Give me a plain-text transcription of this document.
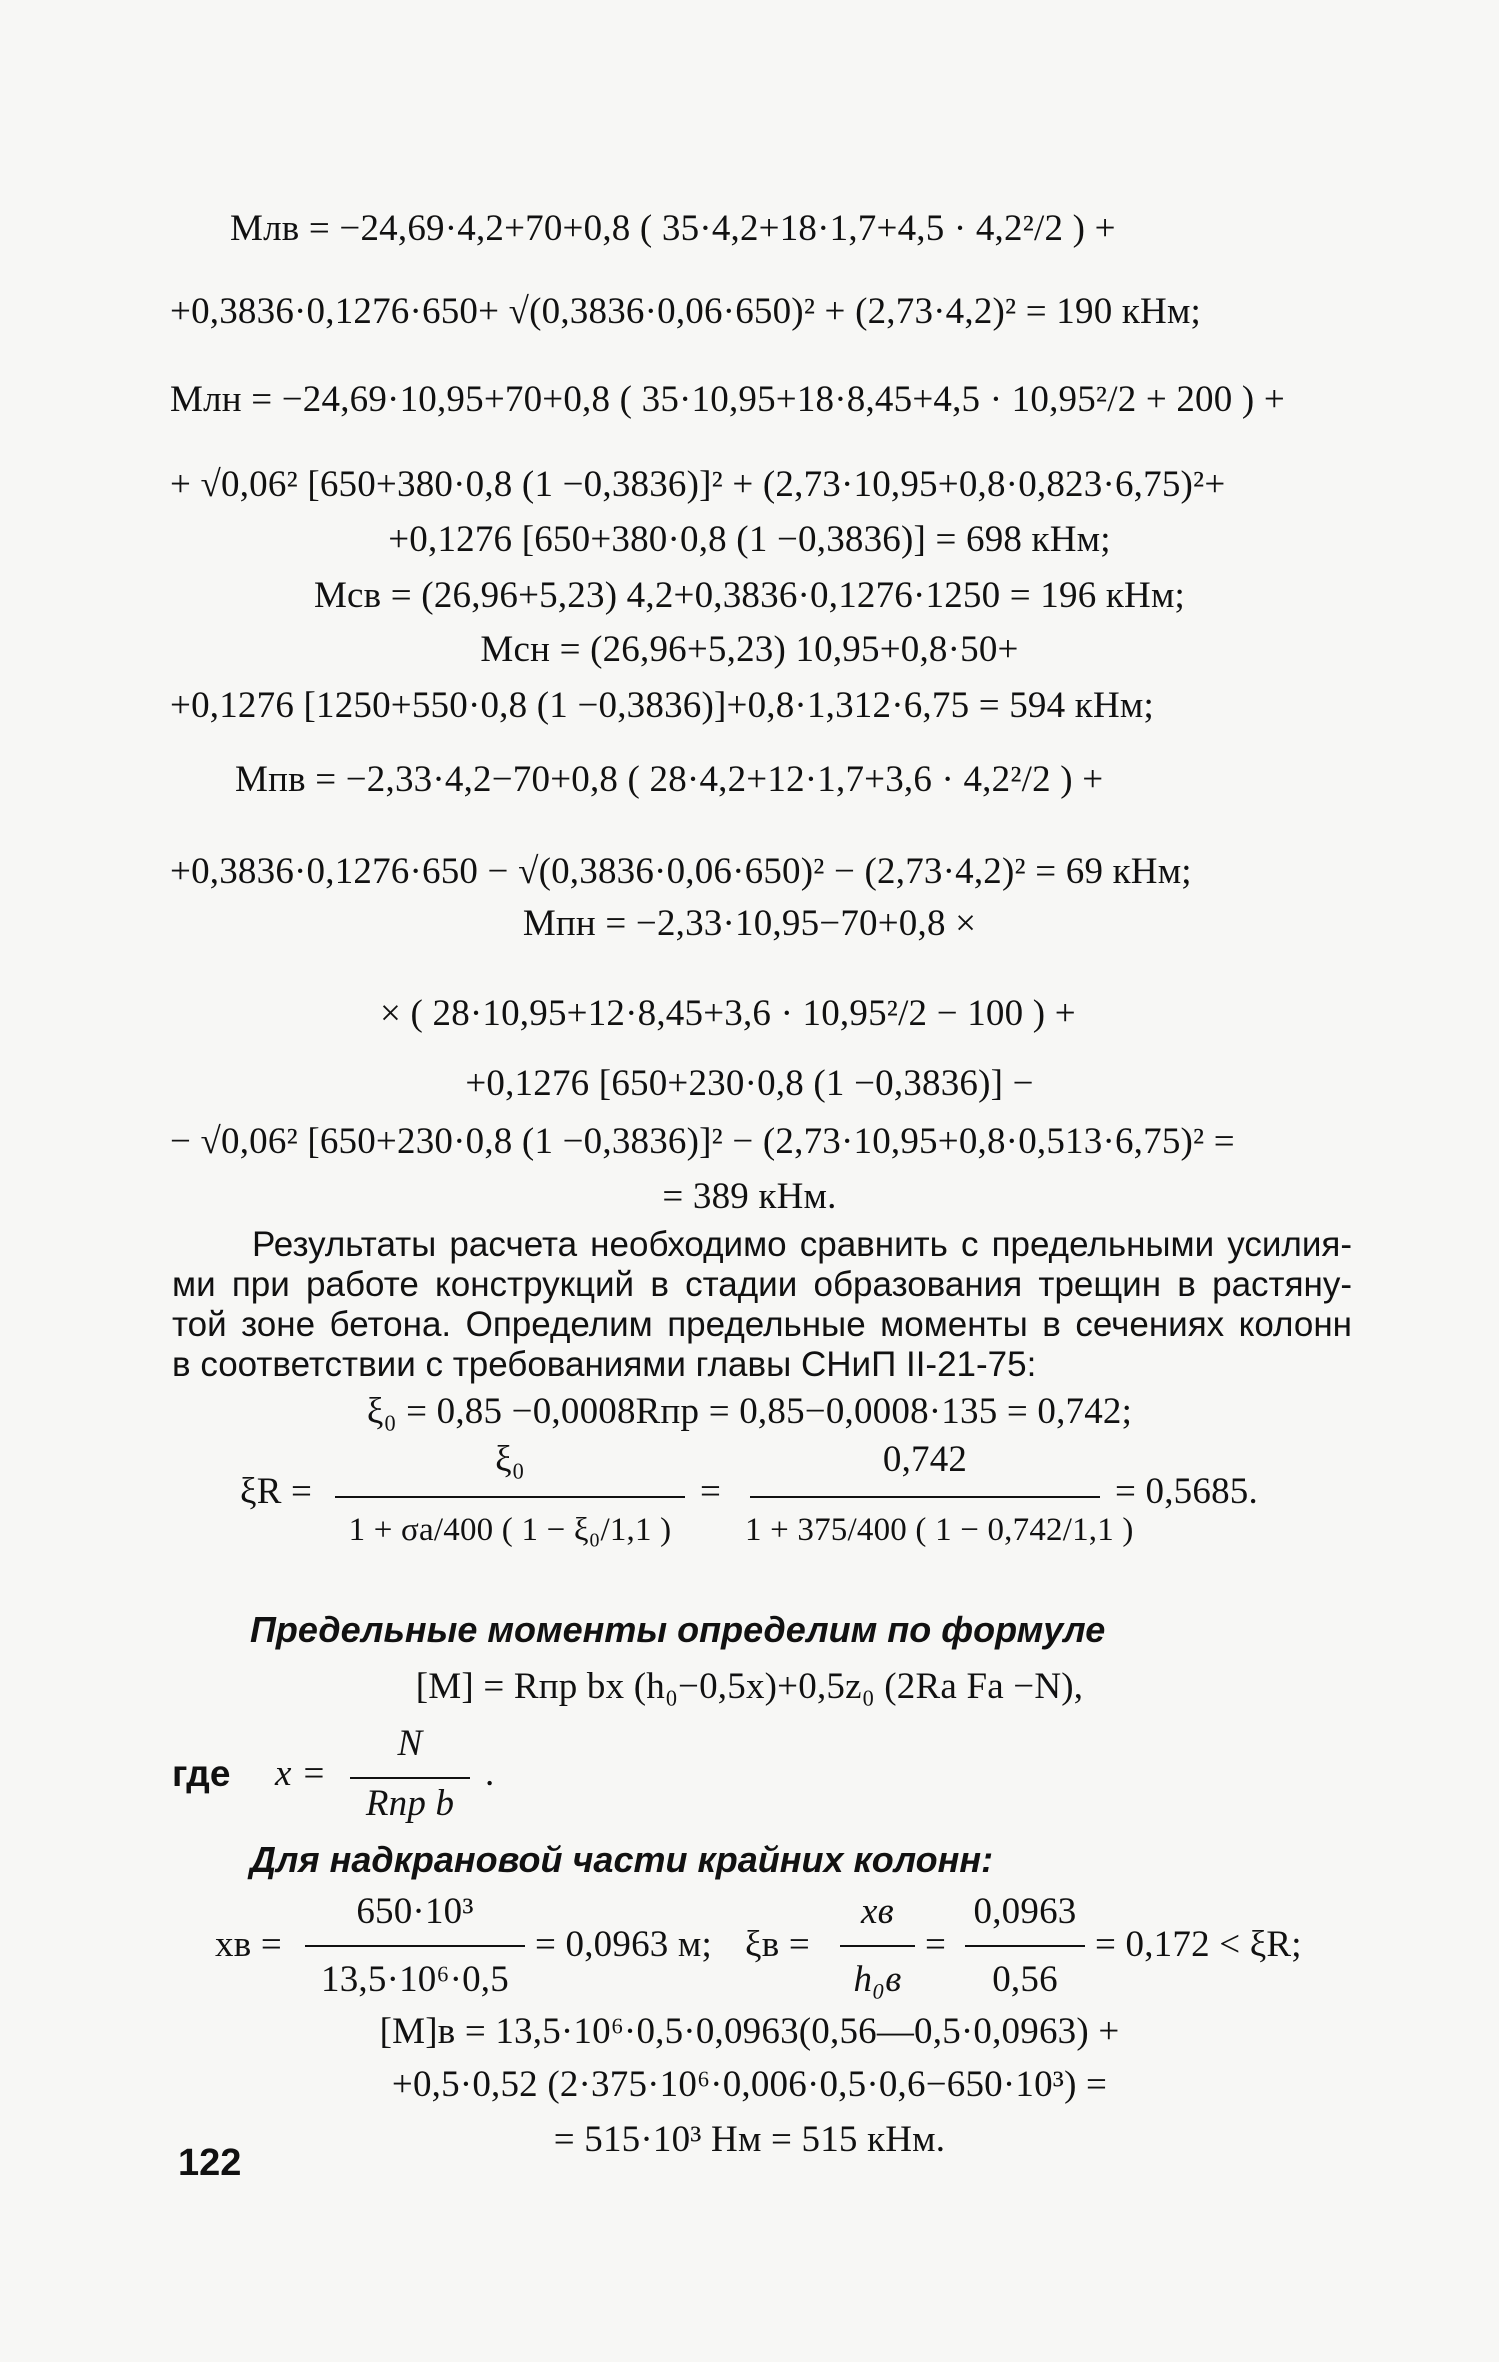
Mлв = −24,69·4,2+70+0,8 ( 35·4,2+18·1,7+4,5 · 4,2²/2 ) +
+0,3836·0,1276·650+ √(0,3836·0,06·650)² + (2,73·4,2)² = 190 кНм;
Mлн = −24,69·10,95+70+0,8 ( 35·10,95+18·8,45+4,5 · 10,95²/2 + 200 ) +
+ √0,06² [650+380·0,8 (1 −0,3836)]² + (2,73·10,95+0,8·0,823·6,75)²+
+0,1276 [650+380·0,8 (1 −0,3836)] = 698 кНм;
Mсв = (26,96+5,23) 4,2+0,3836·0,1276·1250 = 196 кНм;
Mсн = (26,96+5,23) 10,95+0,8·50+
+0,1276 [1250+550·0,8 (1 −0,3836)]+0,8·1,312·6,75 = 594 кНм;
Mпв = −2,33·4,2−70+0,8 ( 28·4,2+12·1,7+3,6 · 4,2²/2 ) +
+0,3836·0,1276·650 − √(0,3836·0,06·650)² − (2,73·4,2)² = 69 кНм;
Mпн = −2,33·10,95−70+0,8 ×
× ( 28·10,95+12·8,45+3,6 · 10,95²/2 − 100 ) +
+0,1276 [650+230·0,8 (1 −0,3836)] −
− √0,06² [650+230·0,8 (1 −0,3836)]² − (2,73·10,95+0,8·0,513·6,75)² =
= 389 кНм.
Результаты расчета необходимо сравнить с предельными усилия-
ми при работе конструкций в стадии образования трещин в растяну-
той зоне бетона. Определим предельные моменты в сечениях колонн
в соответствии с требованиями главы СНиП II-21-75:
ξ₀ = 0,85 −0,0008Rпр = 0,85−0,0008·135 = 0,742;
ξR =
ξ₀
1 + σа/400 ( 1 − ξ₀/1,1 )
=
0,742
1 + 375/400 ( 1 − 0,742/1,1 )
= 0,5685.
Предельные моменты определим по формуле
[M] = Rпр bx (h₀−0,5x)+0,5z₀ (2Rа Fа −N),
где x =
N
Rпр b
.
Для надкрановой части крайних колонн:
xв =
650·10³
13,5·10⁶·0,5
= 0,0963 м; ξв =
xв
h₀в
=
0,0963
0,56
= 0,172 < ξR;
[M]в = 13,5·10⁶·0,5·0,0963(0,56—0,5·0,0963) +
+0,5·0,52 (2·375·10⁶·0,006·0,5·0,6−650·10³) =
= 515·10³ Нм = 515 кНм.
122
